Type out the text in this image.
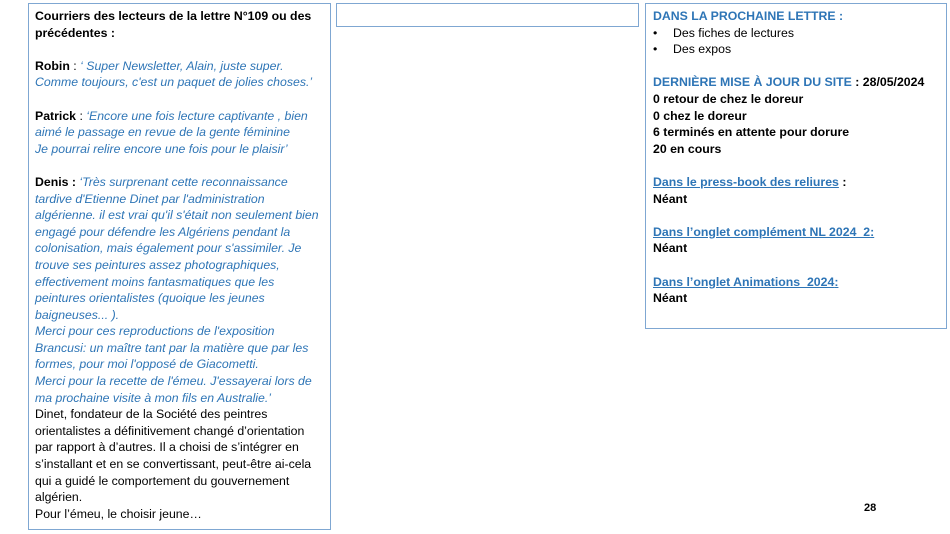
Courriers des lecteurs de la lettre N°109 ou des précédentes :

Robin : ‘ Super Newsletter, Alain, juste super. Comme toujours, c'est un paquet de jolies choses.’

Patrick : ‘Encore une fois lecture captivante , bien aimé le passage en revue de la gente féminine

Je pourrai relire encore une fois pour le plaisir’

Denis : ‘Très surprenant cette reconnaissance tardive d'Etienne Dinet par l'administration algérienne. il est vrai qu'il s'était non seulement bien engagé pour défendre les Algériens pendant la colonisation, mais également pour s'assimiler. Je trouve ses peintures assez photographiques, effectivement moins fantasmatiques que les peintures orientalistes (quoique les jeunes baigneuses... ).

Merci pour ces reproductions de l'exposition Brancusi: un maître tant par la matière que par les formes, pour moi l'opposé de Giacometti.

Merci pour la recette de l'émeu. J'essayerai lors de ma prochaine visite à mon fils en Australie.’

Dinet, fondateur de la Société des peintres orientalistes a définitivement changé d’orientation par rapport à d’autres. Il a choisi de s’intégrer en s’installant et en se convertissant, peut-être ai-cela qui a guidé le comportement du gouvernement algérien.

Pour l’émeu, le choisir jeune…

DANS LA PROCHAINE LETTRE :

• Des fiches de lectures
• Des expos

DERNIÈRE MISE À JOUR DU SITE : 28/05/2024

0 retour de chez le doreur

0 chez le doreur

6 terminés en attente pour dorure

20 en cours

Dans le press-book des reliures :

Néant

Dans l’onglet complément NL 2024_2:

Néant

Dans l’onglet Animations_2024:

Néant

28
